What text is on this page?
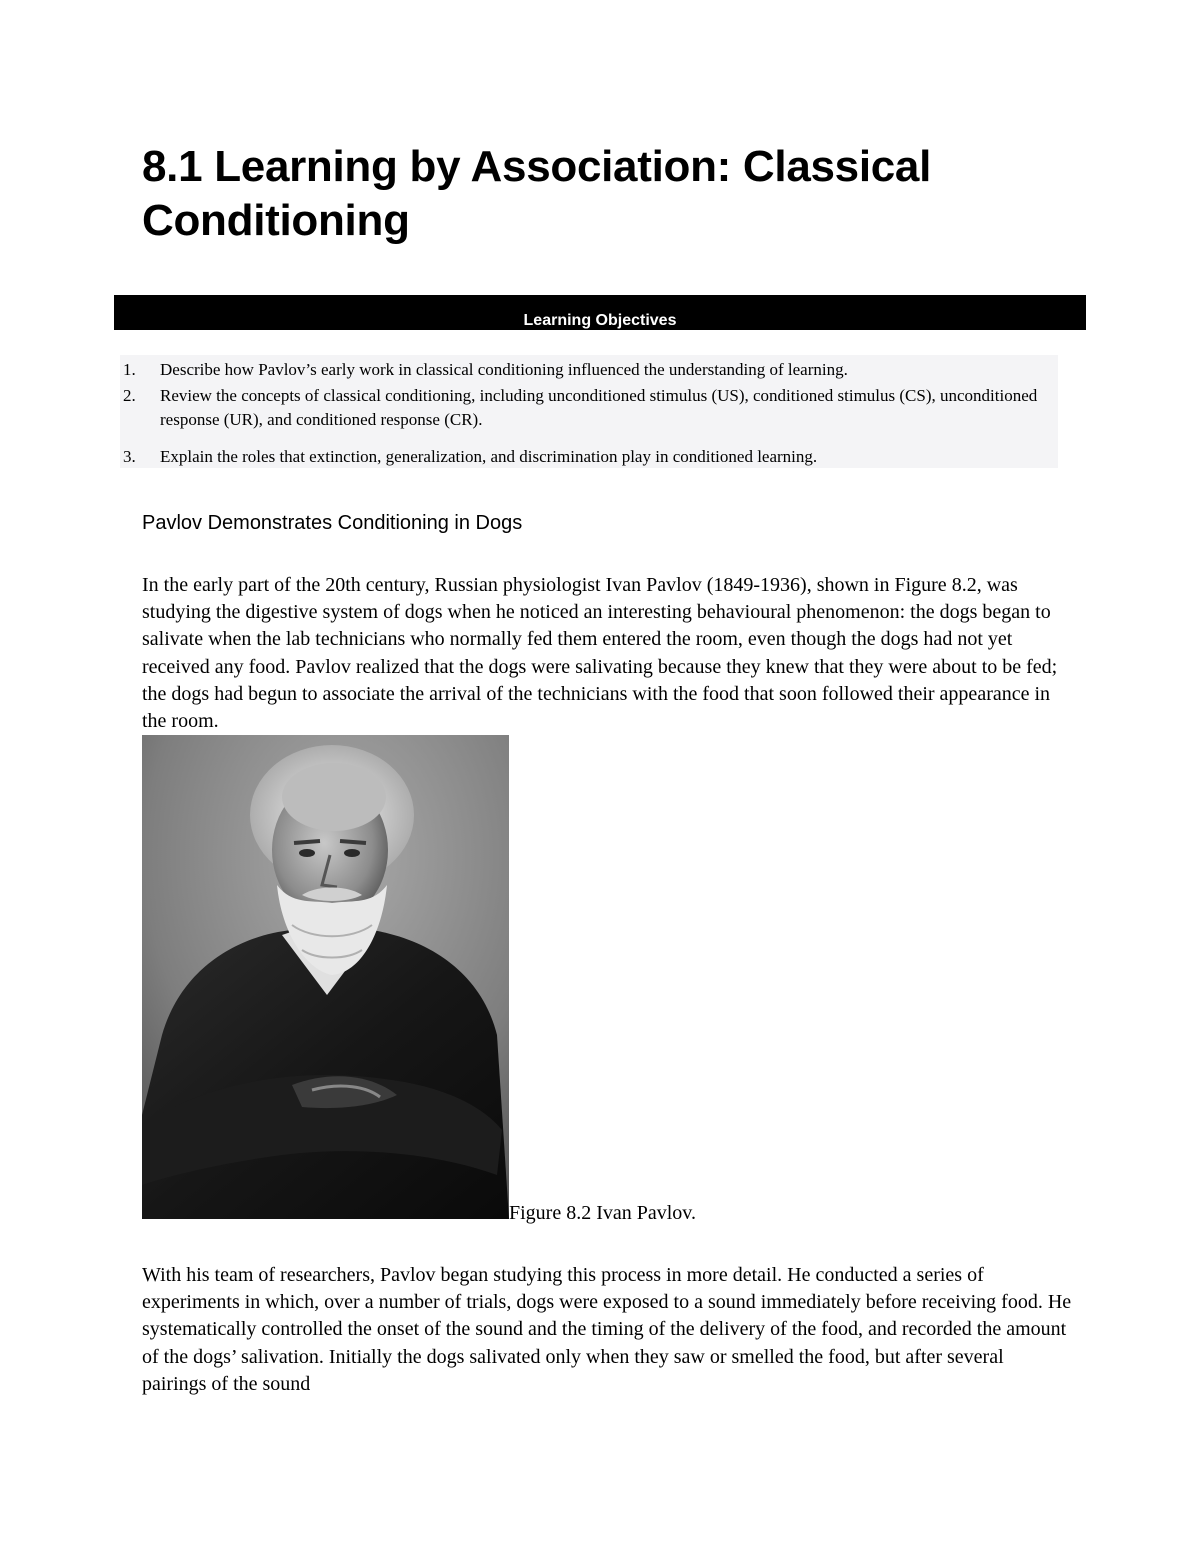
8.1 Learning by Association: Classical Conditioning
Learning Objectives
1.	Describe how Pavlov’s early work in classical conditioning influenced the understanding of learning.
2.	Review the concepts of classical conditioning, including unconditioned stimulus (US), conditioned stimulus (CS), unconditioned response (UR), and conditioned response (CR).
3.	Explain the roles that extinction, generalization, and discrimination play in conditioned learning.
Pavlov Demonstrates Conditioning in Dogs

In the early part of the 20th century, Russian physiologist Ivan Pavlov (1849-1936), shown in Figure 8.2, was studying the digestive system of dogs when he noticed an interesting behavioural phenomenon: the dogs began to salivate when the lab technicians who normally fed them entered the room, even though the dogs had not yet received any food. Pavlov realized that the dogs were salivating because they knew that they were about to be fed; the dogs had begun to associate the arrival of the technicians with the food that soon followed their appearance in the room.

Figure 8.2 Ivan Pavlov.

With his team of researchers, Pavlov began studying this process in more detail. He conducted a series of experiments in which, over a number of trials, dogs were exposed to a sound immediately before receiving food. He systematically controlled the onset of the sound and the timing of the delivery of the food, and recorded the amount of the dogs’ salivation. Initially the dogs salivated only when they saw or smelled the food, but after several pairings of the sound
